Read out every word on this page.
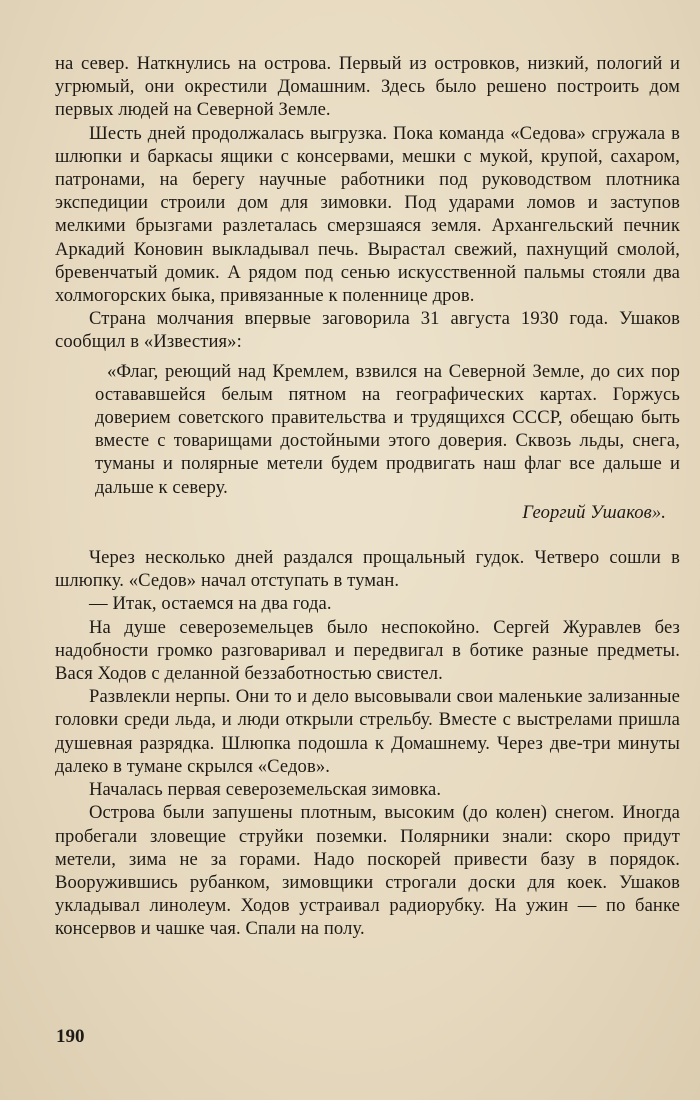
на север. Наткнулись на острова. Первый из островков, низкий, пологий и угрюмый, они окрестили Домашним. Здесь было решено построить дом первых людей на Северной Земле.

Шесть дней продолжалась выгрузка. Пока команда «Седова» сгружала в шлюпки и баркасы ящики с консервами, мешки с мукой, крупой, сахаром, патронами, на берегу научные работники под руководством плотника экспедиции строили дом для зимовки. Под ударами ломов и заступов мелкими брызгами разлеталась смерзшаяся земля. Архангельский печник Аркадий Коновин выкладывал печь. Вырастал свежий, пахнущий смолой, бревенчатый домик. А рядом под сенью искусственной пальмы стояли два холмогорских быка, привязанные к поленнице дров.

Страна молчания впервые заговорила 31 августа 1930 года. Ушаков сообщил в «Известия»:

«Флаг, реющий над Кремлем, взвился на Северной Земле, до сих пор остававшейся белым пятном на географических картах. Горжусь доверием советского правительства и трудящихся СССР, обещаю быть вместе с товарищами достойными этого доверия. Сквозь льды, снега, туманы и полярные метели будем продвигать наш флаг все дальше и дальше к северу.

Георгий Ушаков».

Через несколько дней раздался прощальный гудок. Четверо сошли в шлюпку. «Седов» начал отступать в туман.

— Итак, остаемся на два года.

На душе североземельцев было неспокойно. Сергей Журавлев без надобности громко разговаривал и передвигал в ботике разные предметы. Вася Ходов с деланной беззаботностью свистел.

Развлекли нерпы. Они то и дело высовывали свои маленькие зализанные головки среди льда, и люди открыли стрельбу. Вместе с выстрелами пришла душевная разрядка. Шлюпка подошла к Домашнему. Через две-три минуты далеко в тумане скрылся «Седов».

Началась первая североземельская зимовка.

Острова были запушены плотным, высоким (до колен) снегом. Иногда пробегали зловещие струйки поземки. Полярники знали: скоро придут метели, зима не за горами. Надо поскорей привести базу в порядок. Вооружившись рубанком, зимовщики строгали доски для коек. Ушаков укладывал линолеум. Ходов устраивал радиорубку. На ужин — по банке консервов и чашке чая. Спали на полу.

190
